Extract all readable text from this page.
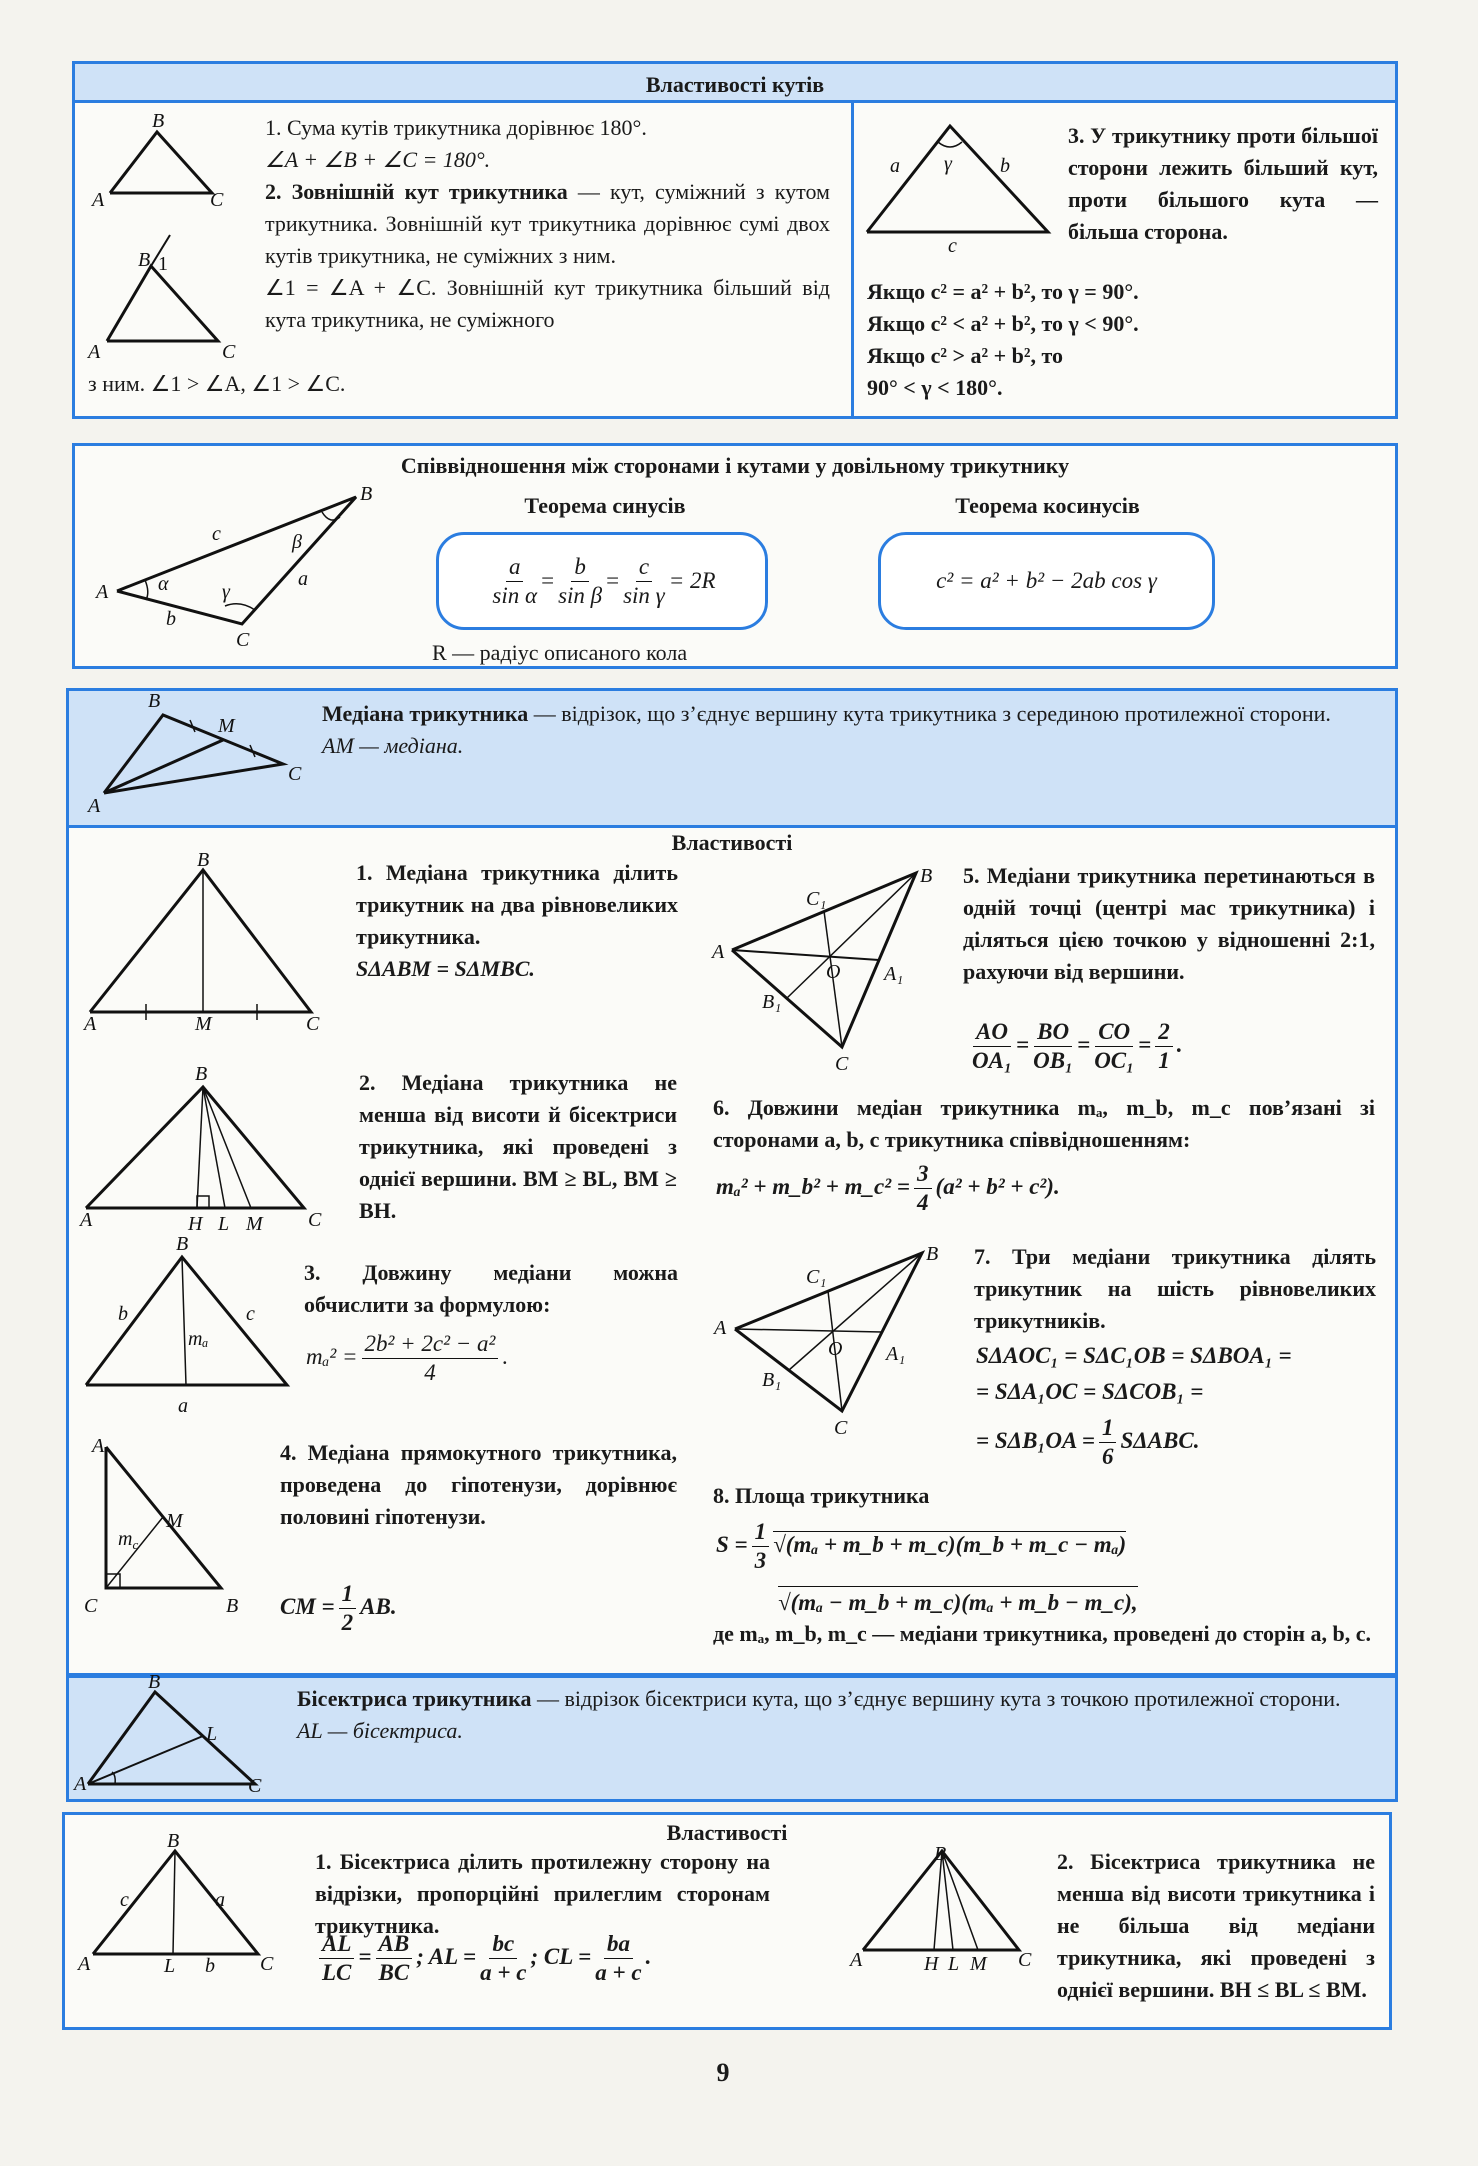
Властивості кутів
B
A	C
B 1
A	C
1. Сума кутів трикутника дорівнює 180°.
∠A + ∠B + ∠C = 180°.
2. Зовнішній кут трикутника — кут, суміжний з кутом трикутника. Зовнішній кут трикутника дорівнює сумі двох кутів трикутника, не суміжних з ним.
∠1 = ∠A + ∠C. Зовнішній кут трикутника більший від кута трикутника, не суміжного
з ним. ∠1 > ∠A, ∠1 > ∠C.
γ
a	b
c
3. У трикутнику проти більшої сторони лежить більший кут, проти більшого кута — більша сторона.
Якщо c² = a² + b², то γ = 90°.
Якщо c² < a² + b², то γ < 90°.
Якщо c² > a² + b², то
90° < γ < 180°.
Співвідношення між сторонами і кутами у довільному трикутнику
Теорема синусів	Теорема косинусів
B
A
C
c
a
b
α
β
γ	$\frac{a}{\text{sin α}} = \frac{b}{\text{sin β}} = \frac{c}{\text{sin γ}} = 2R$	c² = a² + b² − 2ab cos γ
R — радіус описаного кола
B
M
C
A
Медіана трикутника — відрізок, що з’єднує вершину кута трикутника з серединою протилежної сторони.
AM — медіана.
Властивості
B
A	M	C
1. Медіана трикутника ділить трикутник на два рівновеликих трикутника.
SΔABM = SΔMBC.
B
A	H L M C
2. Медіана трикутника не менша від висоти й бісектриси трикутника, які проведені з однієї вершини. BM ≥ BL, BM ≥ BH.
3. Довжину медіани можна обчислити за формулою:
$m_a^2 = \frac{\text{2b² + 2c² − a²}}{4}$ .
B
b	c
mₐ
a
A
M
$m_c$
C	B
4. Медіана прямокутного трикутника, проведена до гіпотенузи, дорівнює половині гіпотенузи.
CM = $\frac{1}{2}$ AB.
B
A
C
C₁
A₁
B₁
O
5. Медіани трикутника перетинаються в одній точці (центрі мас трикутника) і діляться цією точкою у відношенні 2:1, рахуючи від вершини.
$\frac{AO}{\text{OA₁}} = \frac{BO}{\text{OB₁}} = \frac{CO}{\text{OC₁}} = \frac{2}{1}$ .
6. Довжини медіан трикутника mₐ, m_b, m_c пов’язані зі сторонами a, b, c трикутника співвідношенням:
mₐ² + m_b² + m_c² = $\frac{3}{4} (a^2 + b^2 + c^2)$.
B
A
C
C₁
A₁
B₁
O
7. Три медіани трикутника ділять трикутник на шість рівновеликих трикутників.
SΔAOC₁ = SΔC₁OB = SΔBOA₁ =
= SΔA₁OC = SΔCOB₁ =
= $S\Delta B_1OA = \frac{1}{6} S\Delta ABC$.
8. Площа трикутника
$S = \frac{1}{3} √(m_a$ + m_b + m_c)(m_b + m_c − mₐ)
√(mₐ − m_b + m_c)(mₐ + m_b − m_c),
де mₐ, m_b, m_c — медіани трикутника, проведені до сторін a, b, c.
B
L
A	C
Бісектриса трикутника — відрізок бісектриси кута, що з’єднує вершину кута з точкою протилежної сторони.
AL — бісектриса.
Властивості
B
A	L	C
c	a
b
1. Бісектриса ділить протилежну сторону на відрізки, пропорційні прилеглим сторонам трикутника.
$\frac{AL}{LC} = \frac{AB}{BC}$ ; AL = $\frac{bc}{a + c}$ ; CL = $\frac{ba}{a + c}$ .
B
A	H L M C
2. Бісектриса трикутника не менша від висоти трикутника і не більша від медіани трикутника, які проведені з однієї вершини. BH ≤ BL ≤ BM.
9
